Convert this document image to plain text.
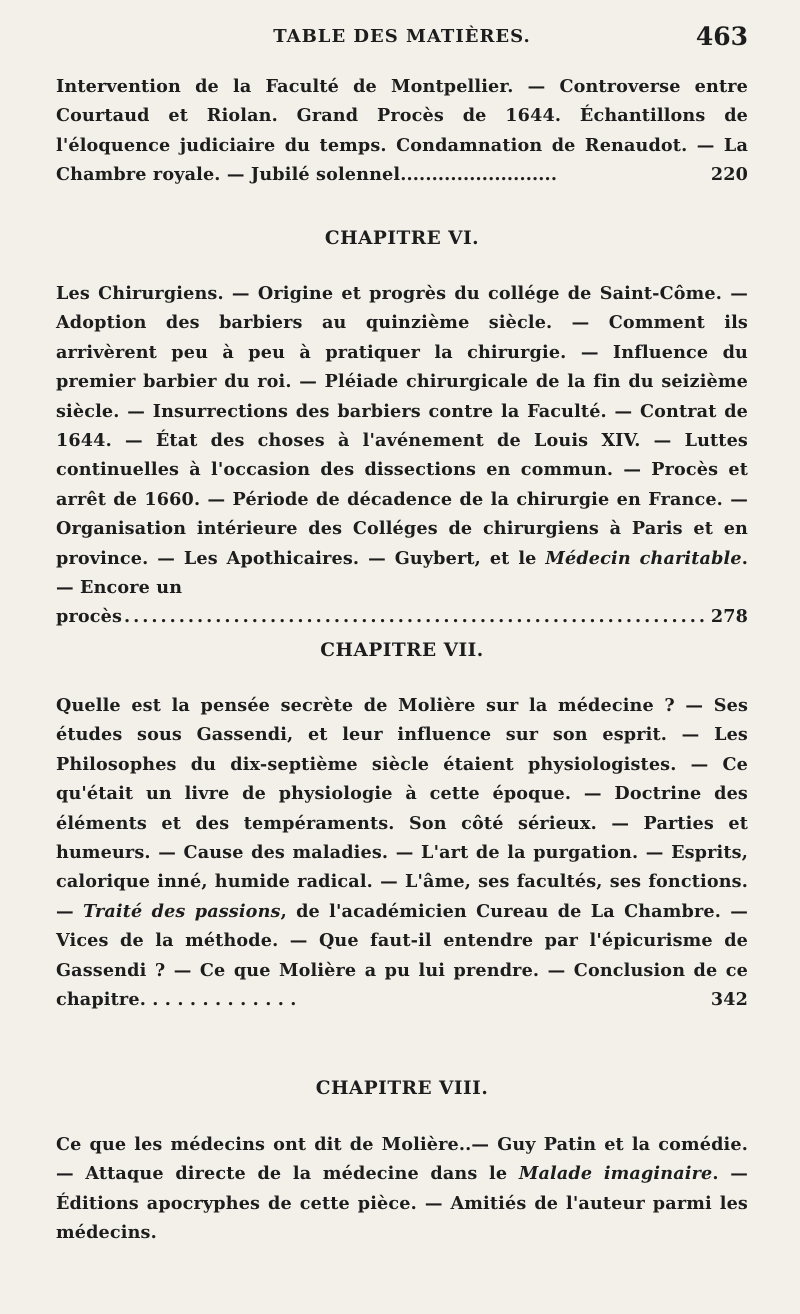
TABLE DES MATIÈRES.	463

Intervention de la Faculté de Montpellier. — Controverse entre Courtaud et Riolan. Grand Procès de 1644. Échantillons de l'éloquence judiciaire du temps. Condamnation de Renaudot. — La Chambre royale. — Jubilé solennel.........................	220

CHAPITRE VI.

Les Chirurgiens. — Origine et progrès du collége de Saint-Côme. — Adoption des barbiers au quinzième siècle. — Comment ils arrivèrent peu à peu à pratiquer la chirurgie. — Influence du premier barbier du roi. — Pléiade chirurgicale de la fin du seizième siècle. — Insurrections des barbiers contre la Faculté. — Contrat de 1644. — État des choses à l'avénement de Louis XIV. — Luttes continuelles à l'occasion des dissections en commun. — Procès et arrêt de 1660. — Période de décadence de la chirurgie en France. — Organisation intérieure des Colléges de chirurgiens à Paris et en province. — Les Apothicaires. — Guybert, et le Médecin charitable. — Encore un

procès .....	278
CHAPITRE VII.

Quelle est la pensée secrète de Molière sur la médecine ? — Ses études sous Gassendi, et leur influence sur son esprit. — Les Philosophes du dix-septième siècle étaient physiologistes. — Ce qu'était un livre de physiologie à cette époque. — Doctrine des éléments et des tempéraments. Son côté sérieux. — Parties et humeurs. — Cause des maladies. — L'art de la purgation. — Esprits, calorique inné, humide radical. — L'âme, ses facultés, ses fonctions. — Traité des passions, de l'académicien Cureau de La Chambre. —Vices de la méthode. — Que faut-il entendre par l'épicurisme de Gassendi ? — Ce que Molière a pu lui prendre. — Conclusion de ce chapitre. . . . . . . . . . . . .	342

CHAPITRE VIII.

Ce que les médecins ont dit de Molière..— Guy Patin et la comédie. — Attaque directe de la médecine dans le Malade imaginaire. — Éditions apocryphes de cette pièce. — Amitiés de l'auteur parmi les médecins.
